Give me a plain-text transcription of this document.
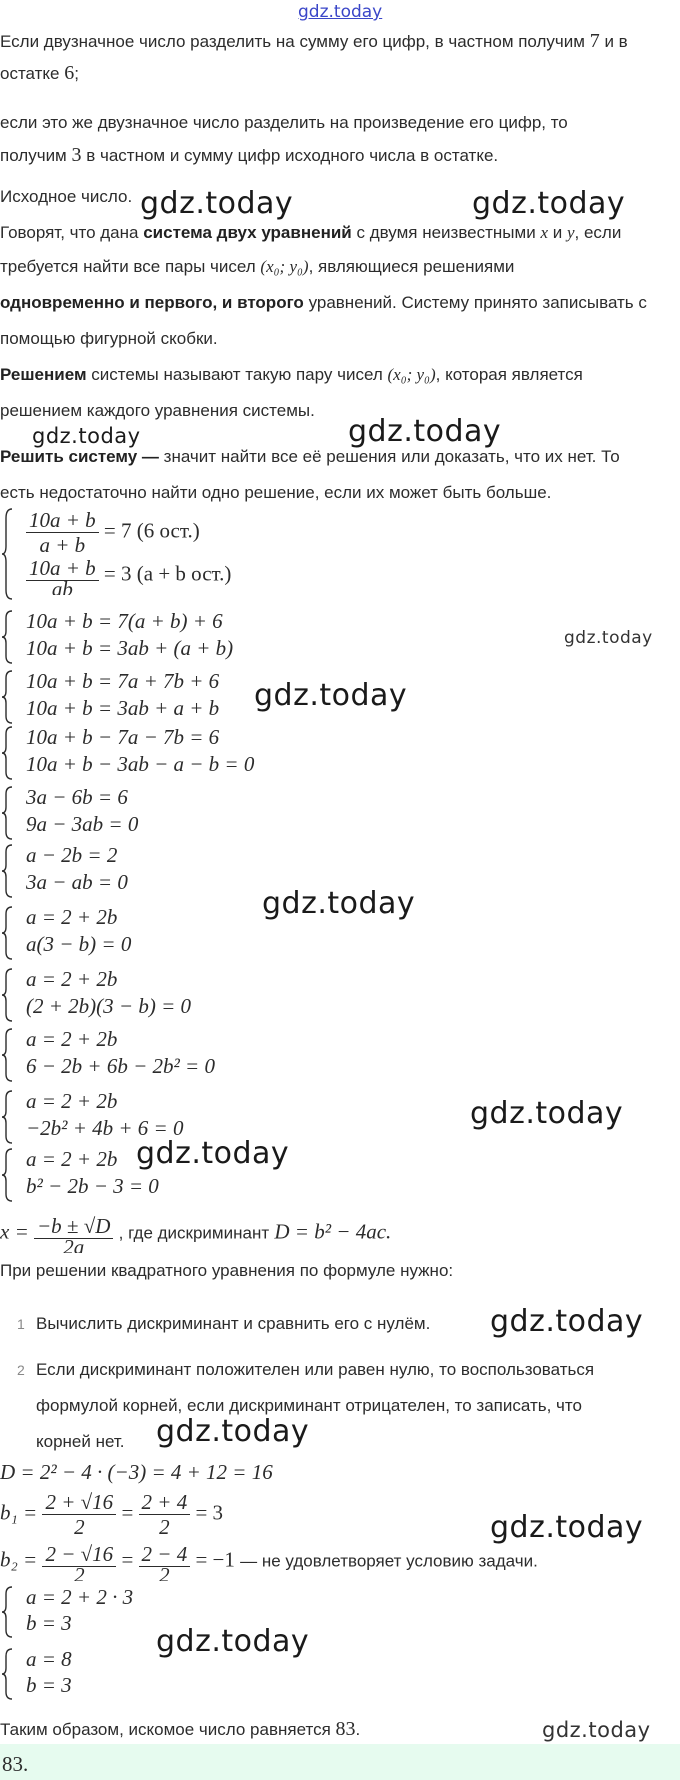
gdz.today
Если двузначное число разделить на сумму его цифр, в частном получим 7 и в
остатке 6;
если это же двузначное число разделить на произведение его цифр, то
получим 3 в частном и сумму цифр исходного числа в остатке.
Исходное число.
Говорят, что дана система двух уравнений с двумя неизвестными x и y, если
требуется найти все пары чисел (x₀; y₀), являющиеся решениями
одновременно и первого, и второго уравнений. Систему принято записывать с
помощью фигурной скобки.
Решением системы называют такую пару чисел (x₀; y₀), которая является
решением каждого уравнения системы.
Решить систему — значит найти все её решения или доказать, что их нет. То
есть недостаточно найти одно решение, если их может быть больше.
$\frac{10a + b}{a + b} = 7$ (6 ост.)
$\frac{10a + b}{ab} = 3$ (a + b ост.)
10a + b = 7(a + b) + 6
10a + b = 3ab + (a + b)
10a + b = 7a + 7b + 6
10a + b = 3ab + a + b
10a + b − 7a − 7b = 6
10a + b − 3ab − a − b = 0
3a − 6b = 6
9a − 3ab = 0
a − 2b = 2
3a − ab = 0
a = 2 + 2b
a(3 − b) = 0
a = 2 + 2b
(2 + 2b)(3 − b) = 0
a = 2 + 2b
6 − 2b + 6b − 2b² = 0
a = 2 + 2b
−2b² + 4b + 6 = 0
a = 2 + 2b
b² − 2b − 3 = 0
$x = \frac{-b \pm √D}{2a}$ , где дискриминант D = b² − 4ac.
При решении квадратного уравнения по формуле нужно:
1 Вычислить дискриминант и сравнить его с нулём.
2 Если дискриминант положителен или равен нулю, то воспользоваться
формулой корней, если дискриминант отрицателен, то записать, что
корней нет.
D = 2² − 4 · (−3) = 4 + 12 = 16
$b_1 = \frac{2 + √16}{2} = \frac{2 + 4}{2} = 3$
$b_2 = \frac{2 - √16}{2} = \frac{2 - 4}{2} = -1$ — не удовлетворяет условию задачи.
a = 2 + 2 · 3
b = 3
a = 8
b = 3
Таким образом, искомое число равняется 83.
83.
gdz.today	gdz.today
gdz.today	gdz.today
gdz.today
gdz.today
gdz.today
gdz.today
gdz.today
gdz.today
gdz.today
gdz.today
gdz.today
gdz.today
